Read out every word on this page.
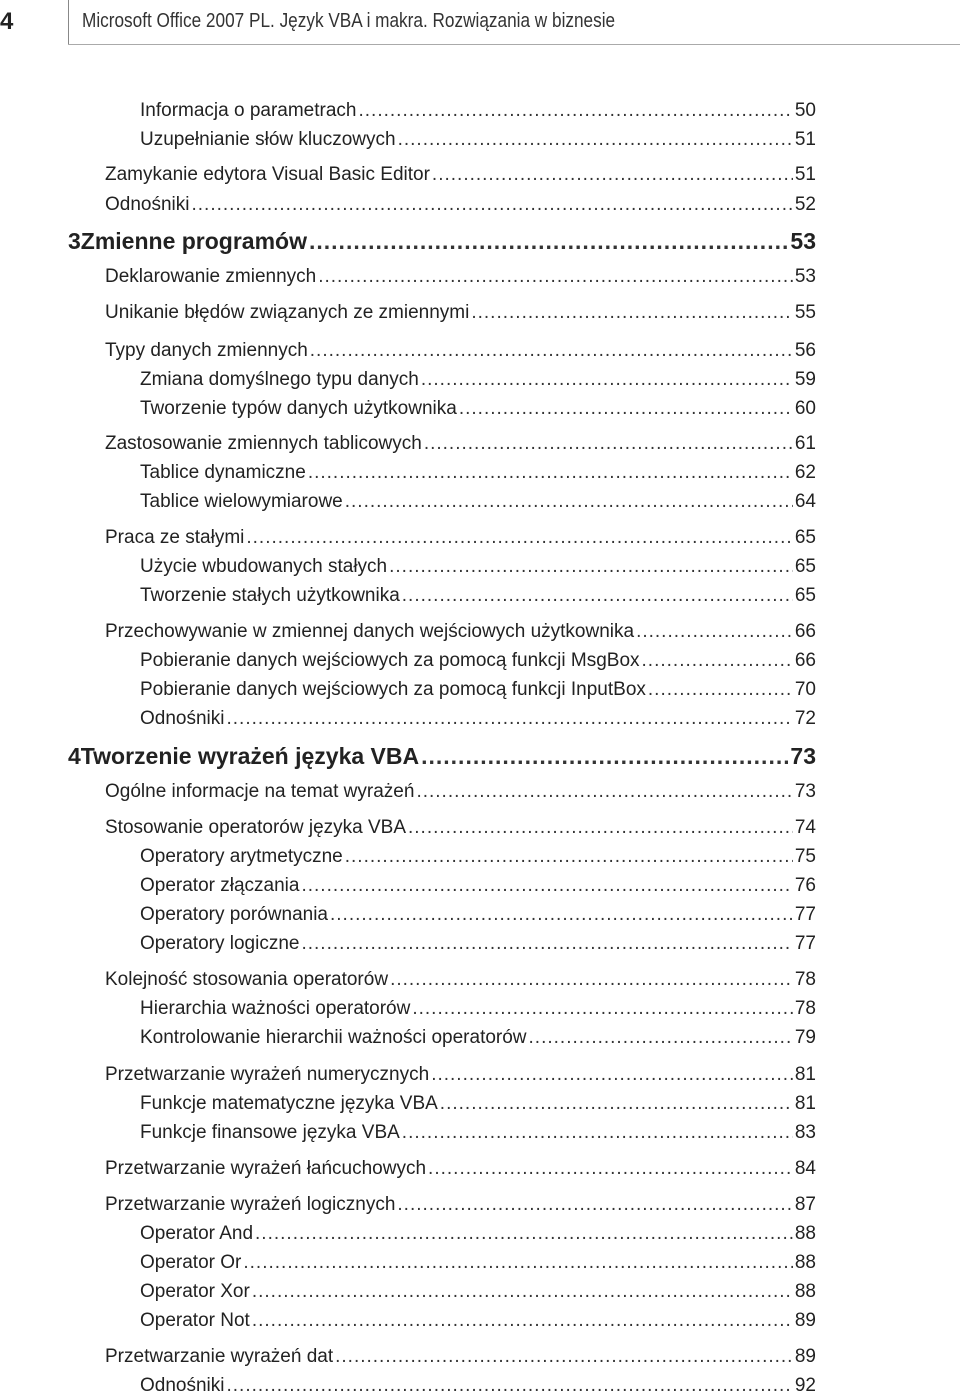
4	Microsoft Office 2007 PL. Język VBA i makra. Rozwiązania w biznesie
Informacja o parametrach .....	50
Uzupełnianie słów kluczowych .....	51
Zamykanie edytora Visual Basic Editor .....	51
Odnośniki .....	52
3 Zmienne programów .....	53
Deklarowanie zmiennych .....	53
Unikanie błędów związanych ze zmiennymi .....	55
Typy danych zmiennych .....	56
Zmiana domyślnego typu danych .....	59
Tworzenie typów danych użytkownika .....	60
Zastosowanie zmiennych tablicowych .....	61
Tablice dynamiczne .....	62
Tablice wielowymiarowe .....	64
Praca ze stałymi .....	65
Użycie wbudowanych stałych .....	65
Tworzenie stałych użytkownika .....	65
Przechowywanie w zmiennej danych wejściowych użytkownika .....	66
Pobieranie danych wejściowych za pomocą funkcji MsgBox .....	66
Pobieranie danych wejściowych za pomocą funkcji InputBox .....	70
Odnośniki .....	72
4 Tworzenie wyrażeń języka VBA .....	73
Ogólne informacje na temat wyrażeń .....	73
Stosowanie operatorów języka VBA .....	74
Operatory arytmetyczne .....	75
Operator złączania .....	76
Operatory porównania .....	77
Operatory logiczne .....	77
Kolejność stosowania operatorów .....	78
Hierarchia ważności operatorów .....	78
Kontrolowanie hierarchii ważności operatorów .....	79
Przetwarzanie wyrażeń numerycznych .....	81
Funkcje matematyczne języka VBA .....	81
Funkcje finansowe języka VBA .....	83
Przetwarzanie wyrażeń łańcuchowych .....	84
Przetwarzanie wyrażeń logicznych .....	87
Operator And .....	88
Operator Or .....	88
Operator Xor .....	88
Operator Not .....	89
Przetwarzanie wyrażeń dat .....	89
Odnośniki .....	92
